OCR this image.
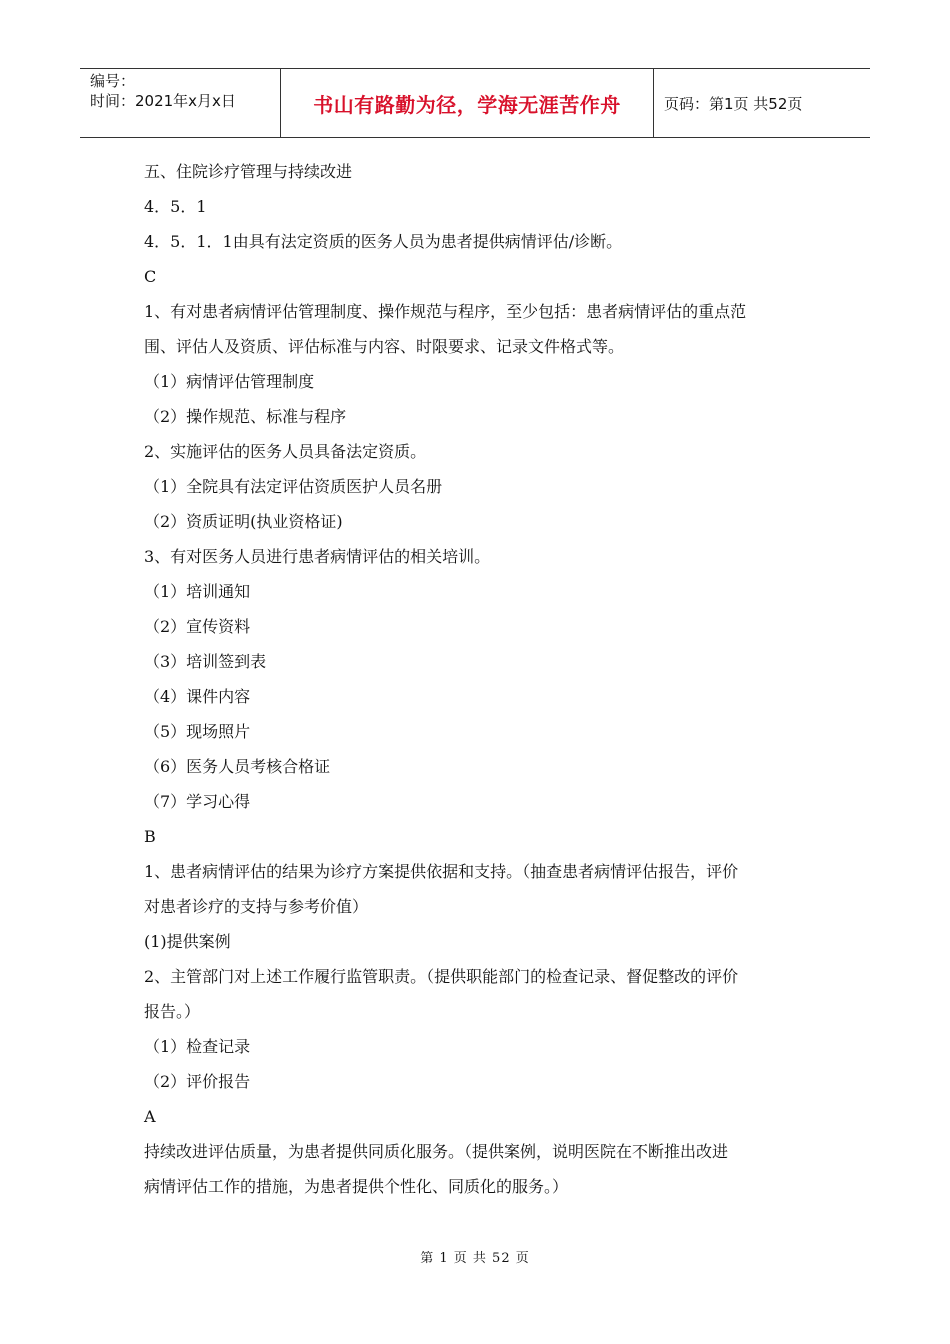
编号：
时间：2021年x月x日	书山有路勤为径，学海无涯苦作舟	页码：第1页 共52页
五、住院诊疗管理与持续改进
4．5．1
4．5．1．1由具有法定资质的医务人员为患者提供病情评估/诊断。
C
1、有对患者病情评估管理制度、操作规范与程序，至少包括：患者病情评估的重点范
围、评估人及资质、评估标准与内容、时限要求、记录文件格式等。
（1）病情评估管理制度
（2）操作规范、标准与程序
2、实施评估的医务人员具备法定资质。
（1）全院具有法定评估资质医护人员名册
（2）资质证明(执业资格证)
3、有对医务人员进行患者病情评估的相关培训。
（1）培训通知
（2）宣传资料
（3）培训签到表
（4）课件内容
（5）现场照片
（6）医务人员考核合格证
（7）学习心得
B
1、患者病情评估的结果为诊疗方案提供依据和支持。（抽查患者病情评估报告，评价
对患者诊疗的支持与参考价值）
(1)提供案例
2、主管部门对上述工作履行监管职责。（提供职能部门的检查记录、督促整改的评价
报告。）
（1）检查记录
（2）评价报告
A
持续改进评估质量，为患者提供同质化服务。（提供案例，说明医院在不断推出改进
病情评估工作的措施，为患者提供个性化、同质化的服务。）
第 1 页 共 52 页
